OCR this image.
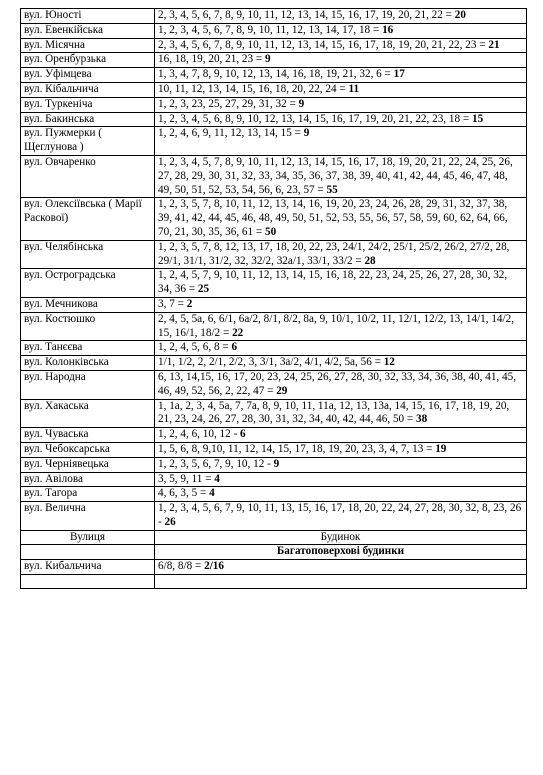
вул. Юності	2, 3, 4, 5, 6, 7, 8, 9, 10, 11, 12, 13, 14, 15, 16, 17, 19, 20, 21, 22 = 20
вул. Евенкійська	1, 2, 3, 4, 5, 6, 7, 8, 9, 10, 11, 12, 13, 14, 17, 18 = 16
вул. Місячна	2, 3, 4, 5, 6, 7, 8, 9, 10, 11, 12, 13, 14, 15, 16, 17, 18, 19, 20, 21, 22, 23 = 21
вул. Оренбурзька	16, 18, 19, 20, 21, 23 = 9
вул. Уфімцева	1, 3, 4, 7, 8, 9, 10, 12, 13, 14, 16, 18, 19, 21, 32, 6 = 17
вул. Кібальчича	10, 11, 12, 13, 14, 15, 16, 18, 20, 22, 24 = 11
вул. Туркеніча	1, 2, 3, 23, 25, 27, 29, 31, 32 = 9
вул. Бакинська	1, 2, 3, 4, 5, 6, 8, 9, 10, 12, 13, 14, 15, 16, 17, 19, 20, 21, 22, 23, 18 = 15
вул. Пужмерки ( Щеглунова )	1, 2, 4, 6, 9, 11, 12, 13, 14, 15 = 9
вул. Овчаренко	1, 2, 3, 4, 5, 7, 8, 9, 10, 11, 12, 13, 14, 15, 16, 17, 18, 19, 20, 21, 22, 24, 25, 26, 27, 28, 29, 30, 31, 32, 33, 34, 35, 36, 37, 38, 39, 40, 41, 42, 44, 45, 46, 47, 48, 49, 50, 51, 52, 53, 54, 56, 6, 23, 57 = 55
вул. Олексіївська ( Марії Раскової)	1, 2, 3, 5, 7, 8, 10, 11, 12, 13, 14, 16, 19, 20, 23, 24, 26, 28, 29, 31, 32, 37, 38, 39, 41, 42, 44, 45, 46, 48, 49, 50, 51, 52, 53, 55, 56, 57, 58, 59, 60, 62, 64, 66, 70, 21, 30, 35, 36, 61 = 50
вул. Челябінська	1, 2, 3, 5, 7, 8, 12, 13, 17, 18, 20, 22, 23, 24/1, 24/2, 25/1, 25/2, 26/2, 27/2, 28, 29/1, 31/1, 31/2, 32, 32/2, 32a/1, 33/1, 33/2 = 28
вул. Остроградська	1, 2, 4, 5, 7, 9, 10, 11, 12, 13, 14, 15, 16, 18, 22, 23, 24, 25, 26, 27, 28, 30, 32, 34, 36 = 25
вул. Мечникова	3, 7 = 2
вул. Костюшко	2, 4, 5, 5a, 6, 6/1, 6a/2, 8/1, 8/2, 8a, 9, 10/1, 10/2, 11, 12/1, 12/2, 13, 14/1, 14/2, 15, 16/1, 18/2 = 22
вул. Танєєва	1, 2, 4, 5, 6, 8 = 6
вул. Колонківська	1/1, 1/2, 2, 2/1, 2/2, 3, 3/1, 3a/2, 4/1, 4/2, 5a, 56 = 12
вул. Народна	6, 13, 14,15, 16, 17, 20, 23, 24, 25, 26, 27, 28, 30, 32, 33, 34, 36, 38, 40, 41, 45, 46, 49, 52, 56, 2, 22, 47 = 29
вул. Хакаська	1, 1a, 2, 3, 4, 5a, 7, 7a, 8, 9, 10, 11, 11a, 12, 13, 13a, 14, 15, 16, 17, 18, 19, 20, 21, 23, 24, 26, 27, 28, 30, 31, 32, 34, 40, 42, 44, 46, 50 = 38
вул. Чуваська	1, 2, 4, 6, 10, 12 - 6
вул. Чебоксарська	1, 5, 6, 8, 9,10, 11, 12, 14, 15, 17, 18, 19, 20, 23, 3, 4, 7, 13 = 19
вул. Черніявецька	1, 2, 3, 5, 6, 7, 9, 10, 12 - 9
вул. Авілова	3, 5, 9, 11 = 4
вул. Тагора	4, 6, 3, 5 = 4
вул. Велична	1, 2, 3, 4, 5, 6, 7, 9, 10, 11, 13, 15, 16, 17, 18, 20, 22, 24, 27, 28, 30, 32, 8, 23, 26 - 26
Вулиця	Будинок
	Багатоповерхові будинки
вул. Кибальчича	6/8, 8/8 = 2/16
